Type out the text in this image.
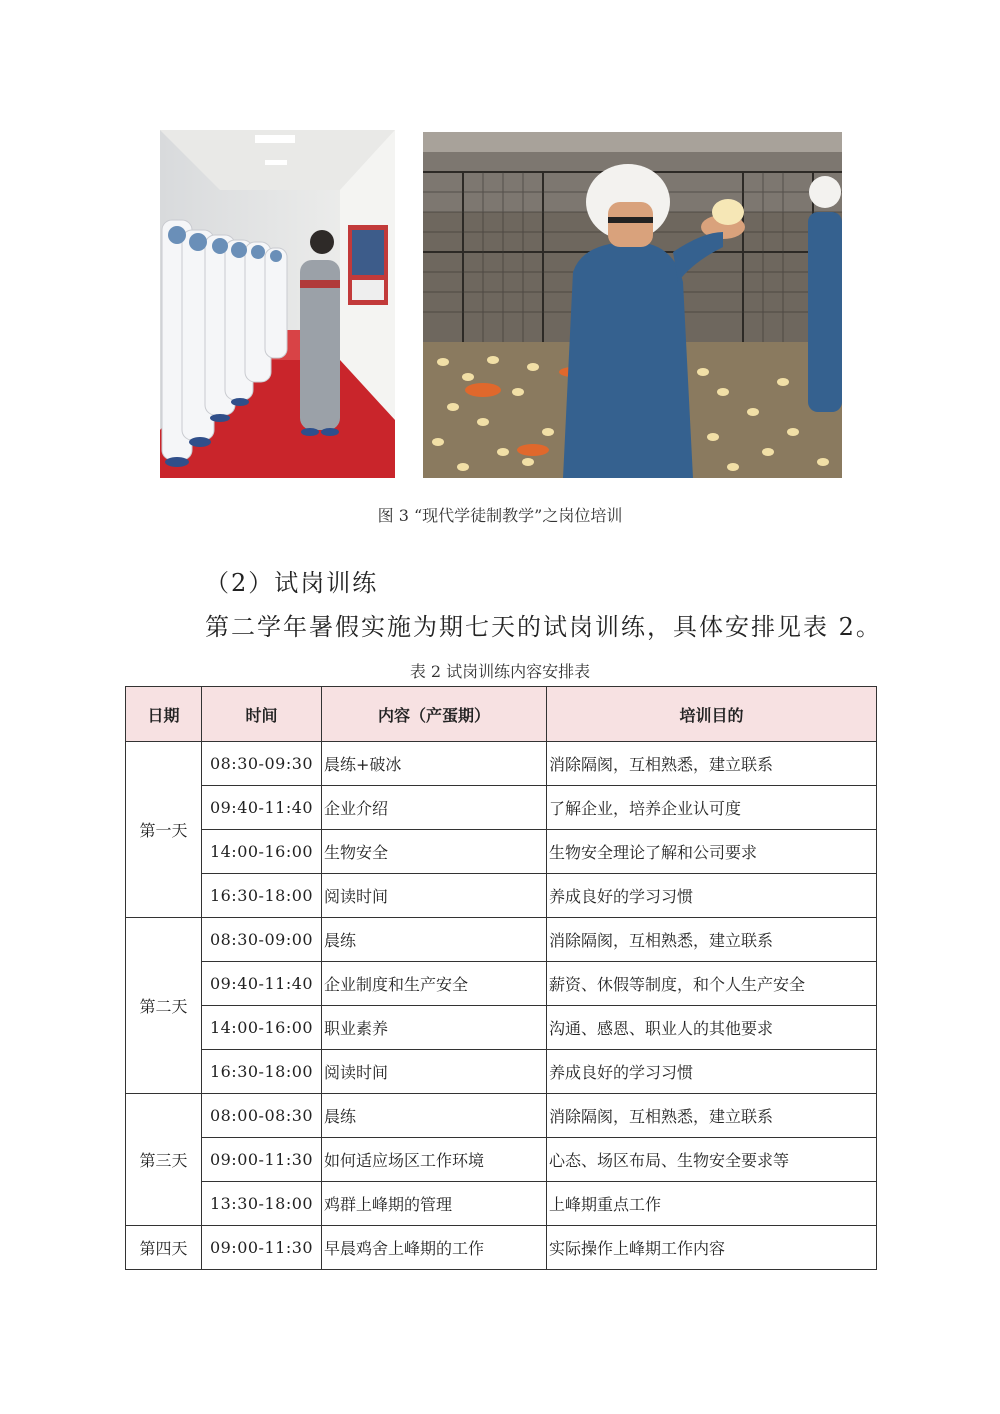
图 3 “现代学徒制教学”之岗位培训
（2）试岗训练
第二学年暑假实施为期七天的试岗训练，具体安排见表 2。
表 2 试岗训练内容安排表
日期	时间	内容（产蛋期）	培训目的
第一天	08:30-09:30	晨练+破冰	消除隔阂，互相熟悉，建立联系
	09:40-11:40	企业介绍	了解企业，培养企业认可度
	14:00-16:00	生物安全	生物安全理论了解和公司要求
	16:30-18:00	阅读时间	养成良好的学习习惯
第二天	08:30-09:00	晨练	消除隔阂，互相熟悉，建立联系
	09:40-11:40	企业制度和生产安全	薪资、休假等制度，和个人生产安全
	14:00-16:00	职业素养	沟通、感恩、职业人的其他要求
	16:30-18:00	阅读时间	养成良好的学习习惯
第三天	08:00-08:30	晨练	消除隔阂，互相熟悉，建立联系
	09:00-11:30	如何适应场区工作环境	心态、场区布局、生物安全要求等
	13:30-18:00	鸡群上峰期的管理	上峰期重点工作
第四天	09:00-11:30	早晨鸡舍上峰期的工作	实际操作上峰期工作内容
